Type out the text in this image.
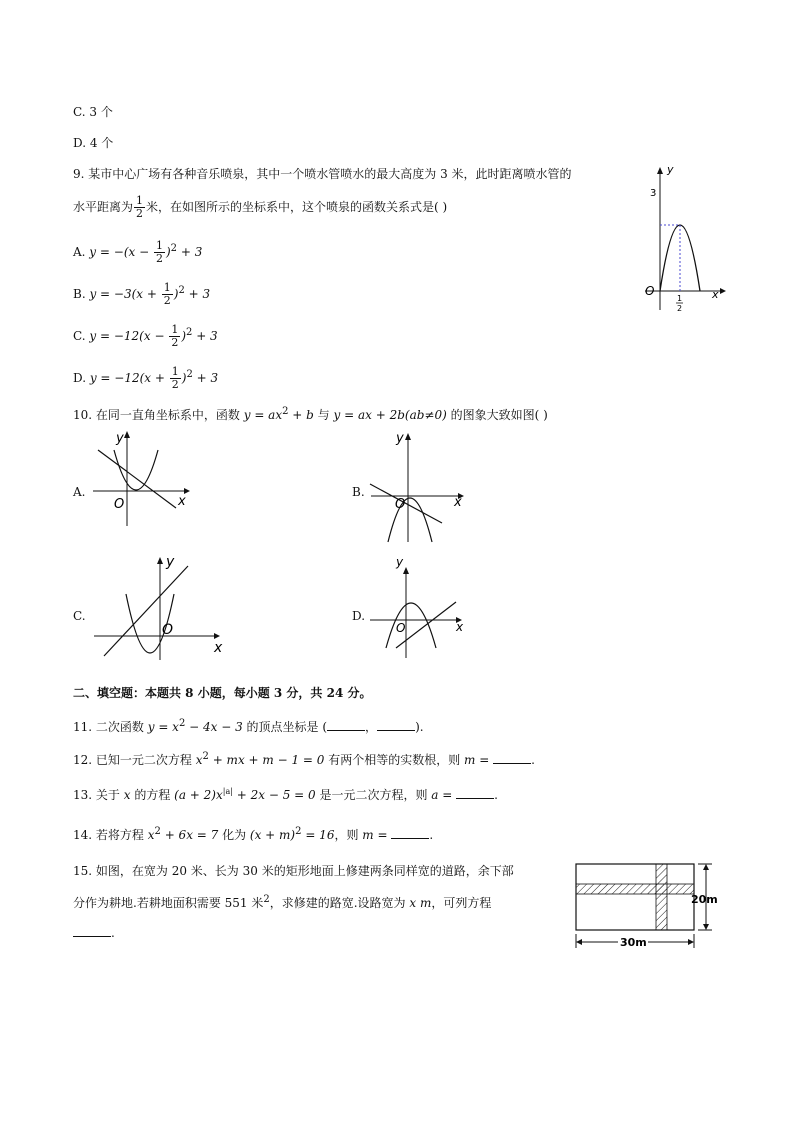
C. 3 个
D. 4 个
9. 某市中心广场有各种音乐喷泉，其中一个喷水管喷水的最大高度为 3 米，此时距离喷水管的
水平距离为 $\frac{1}{2}$ 米，在如图所示的坐标系中，这个喷泉的函数关系式是( )
A. $y = -(x - \frac{1}{2} )^2 + 3$
B. $y = -3(x + \frac{1}{2} )^2 + 3$
C. $y = -12(x - \frac{1}{2} )^2 + 3$
D. $y = -12(x + \frac{1}{2} )^2 + 3$
y
3
O	x
1
2
10. 在同一直角坐标系中，函数 $y = ax^2 + b$ 与 y = ax + 2b(ab≠0) 的图象大致如图( )
A.	B.
C.	D.
y
O	x
y
O	x
y
O
x
y
O	x
二、填空题：本题共 8 小题，每小题 3 分，共 24 分。
11. 二次函数 $y = x^2 - 4x - 3$ 的顶点坐标是 (	，	).
12. 已知一元二次方程 $x^2$ + mx + m − 1 = 0 有两个相等的实数根，则 m =	.
13. 关于 x 的方程 $(a + 2)x^{|a|} + 2x - 5 = 0$ 是一元二次方程，则 a =	.
14. 若将方程 $x^2 + 6x = 7$ 化为 $(x + m)^2 = 16$，则 m =	.
15. 如图，在宽为 20 米、长为 30 米的矩形地面上修建两条同样宽的道路，余下部
分作为耕地.若耕地面积需要 551 米$^2$，求修建的路宽.设路宽为 x m，可列方程
.
20m
30m
